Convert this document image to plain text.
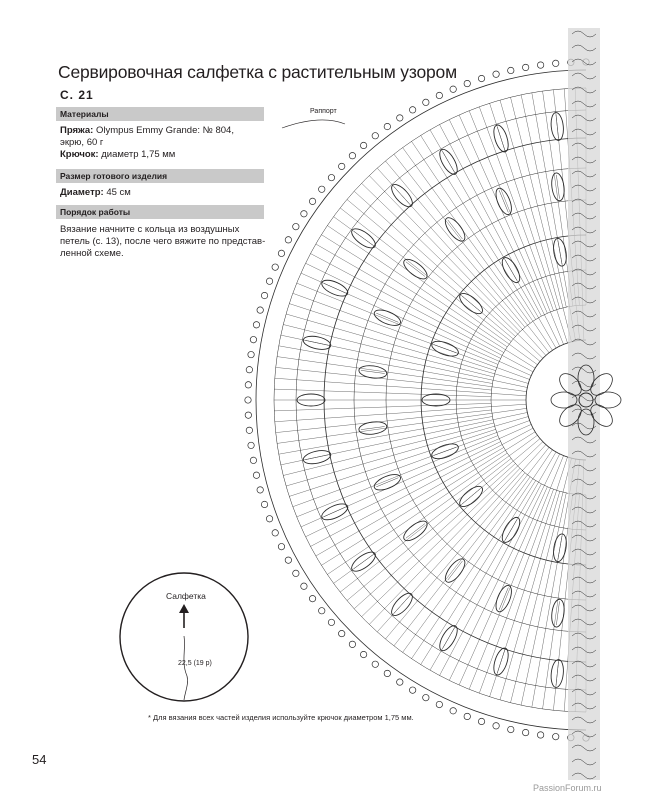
Сервировочная салфетка с растительным узором
С. 21
Материалы
Пряжа: Olympus Emmy Grande: № 804,
экрю, 60 г
Крючок: диаметр 1,75 мм
Размер готового изделия
Диаметр: 45 см
Порядок работы
Вязание начните с кольца из воздушных
петель (с. 13), после чего вяжите по представ-
ленной схеме.
Раппорт
Салфетка
22,5 (19 р)
* Для вязания всех частей изделия используйте крючок диаметром 1,75 мм.
54
PassionForum.ru
